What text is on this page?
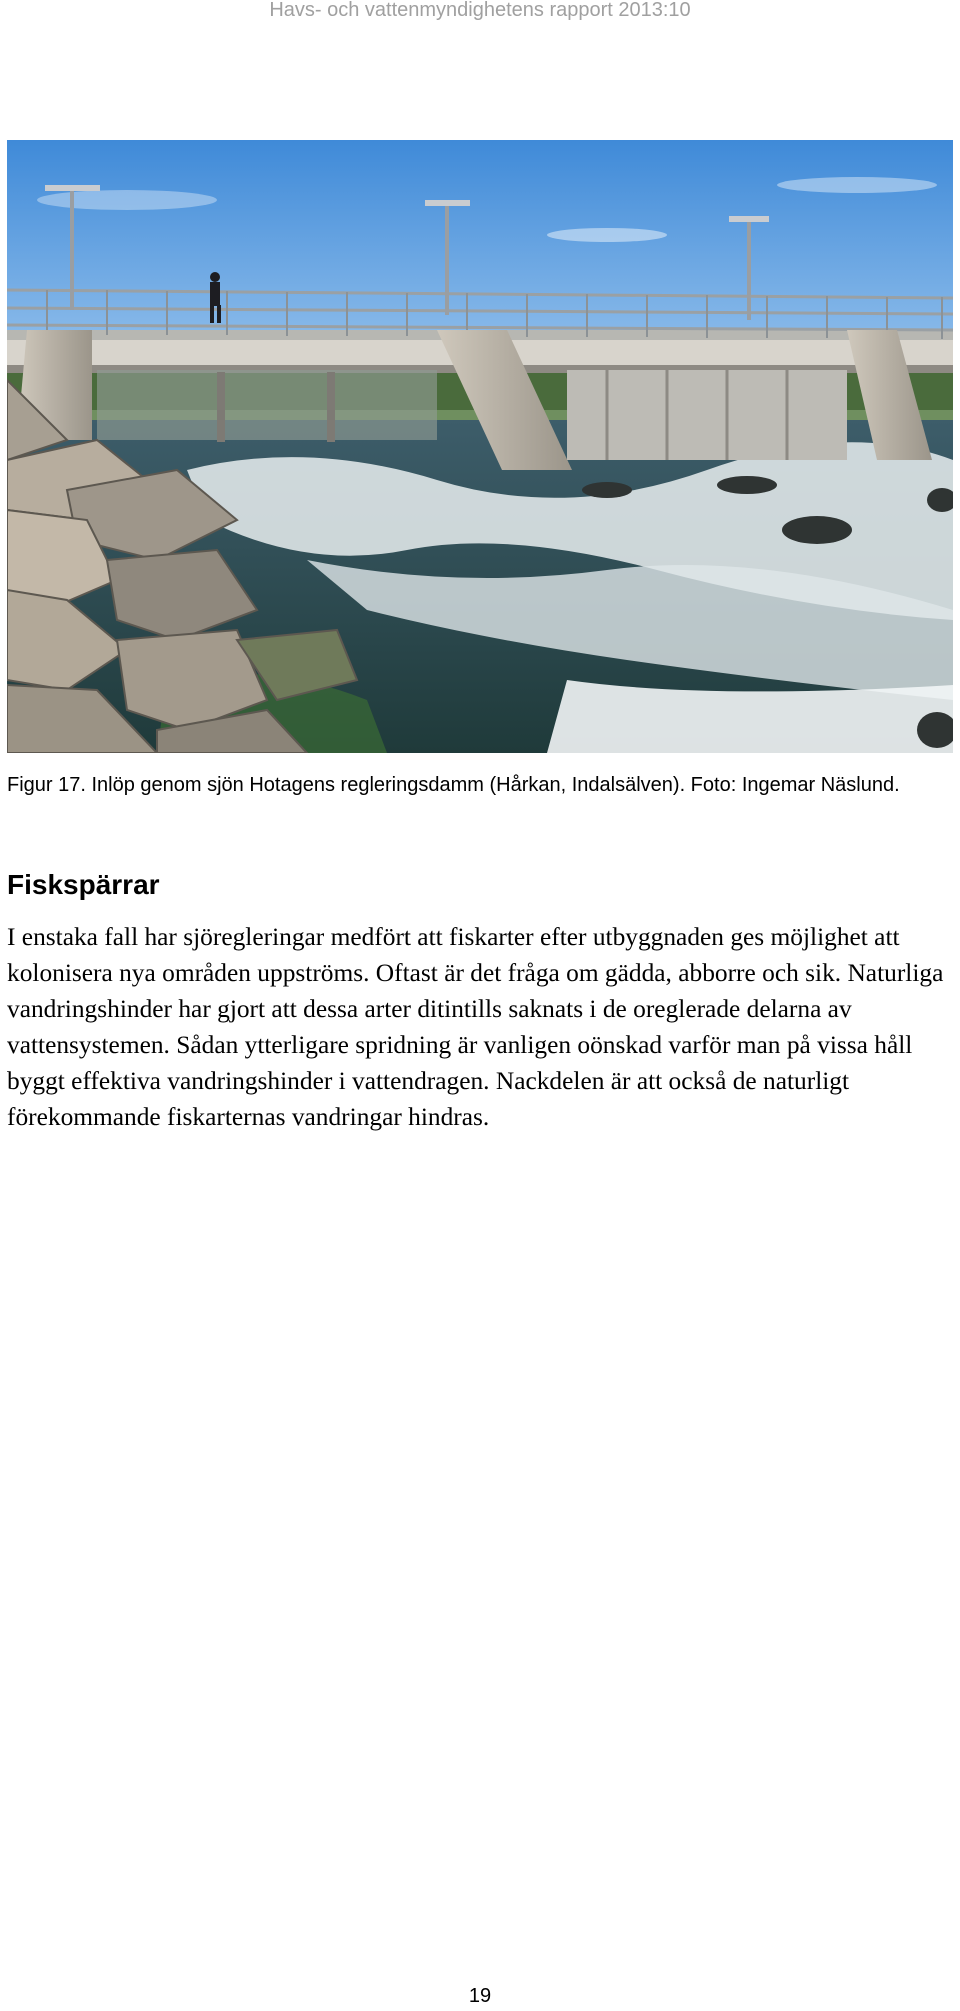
Havs- och vattenmyndighetens rapport 2013:10
Figur 17. Inlöp genom sjön Hotagens regleringsdamm (Hårkan, Indalsälven). Foto: Ingemar Näslund.
Fiskspärrar

I enstaka fall har sjöregleringar medfört att fiskarter efter utbyggnaden ges möjlighet att kolonisera nya områden uppströms. Oftast är det fråga om gädda, abborre och sik. Naturliga vandringshinder har gjort att dessa arter ditintills saknats i de oreglerade delarna av vattensystemen. Sådan ytterligare spridning är vanligen oönskad varför man på vissa håll byggt effektiva vandringshinder i vattendragen. Nackdelen är att också de naturligt förekommande fiskarternas vandringar hindras.

19
